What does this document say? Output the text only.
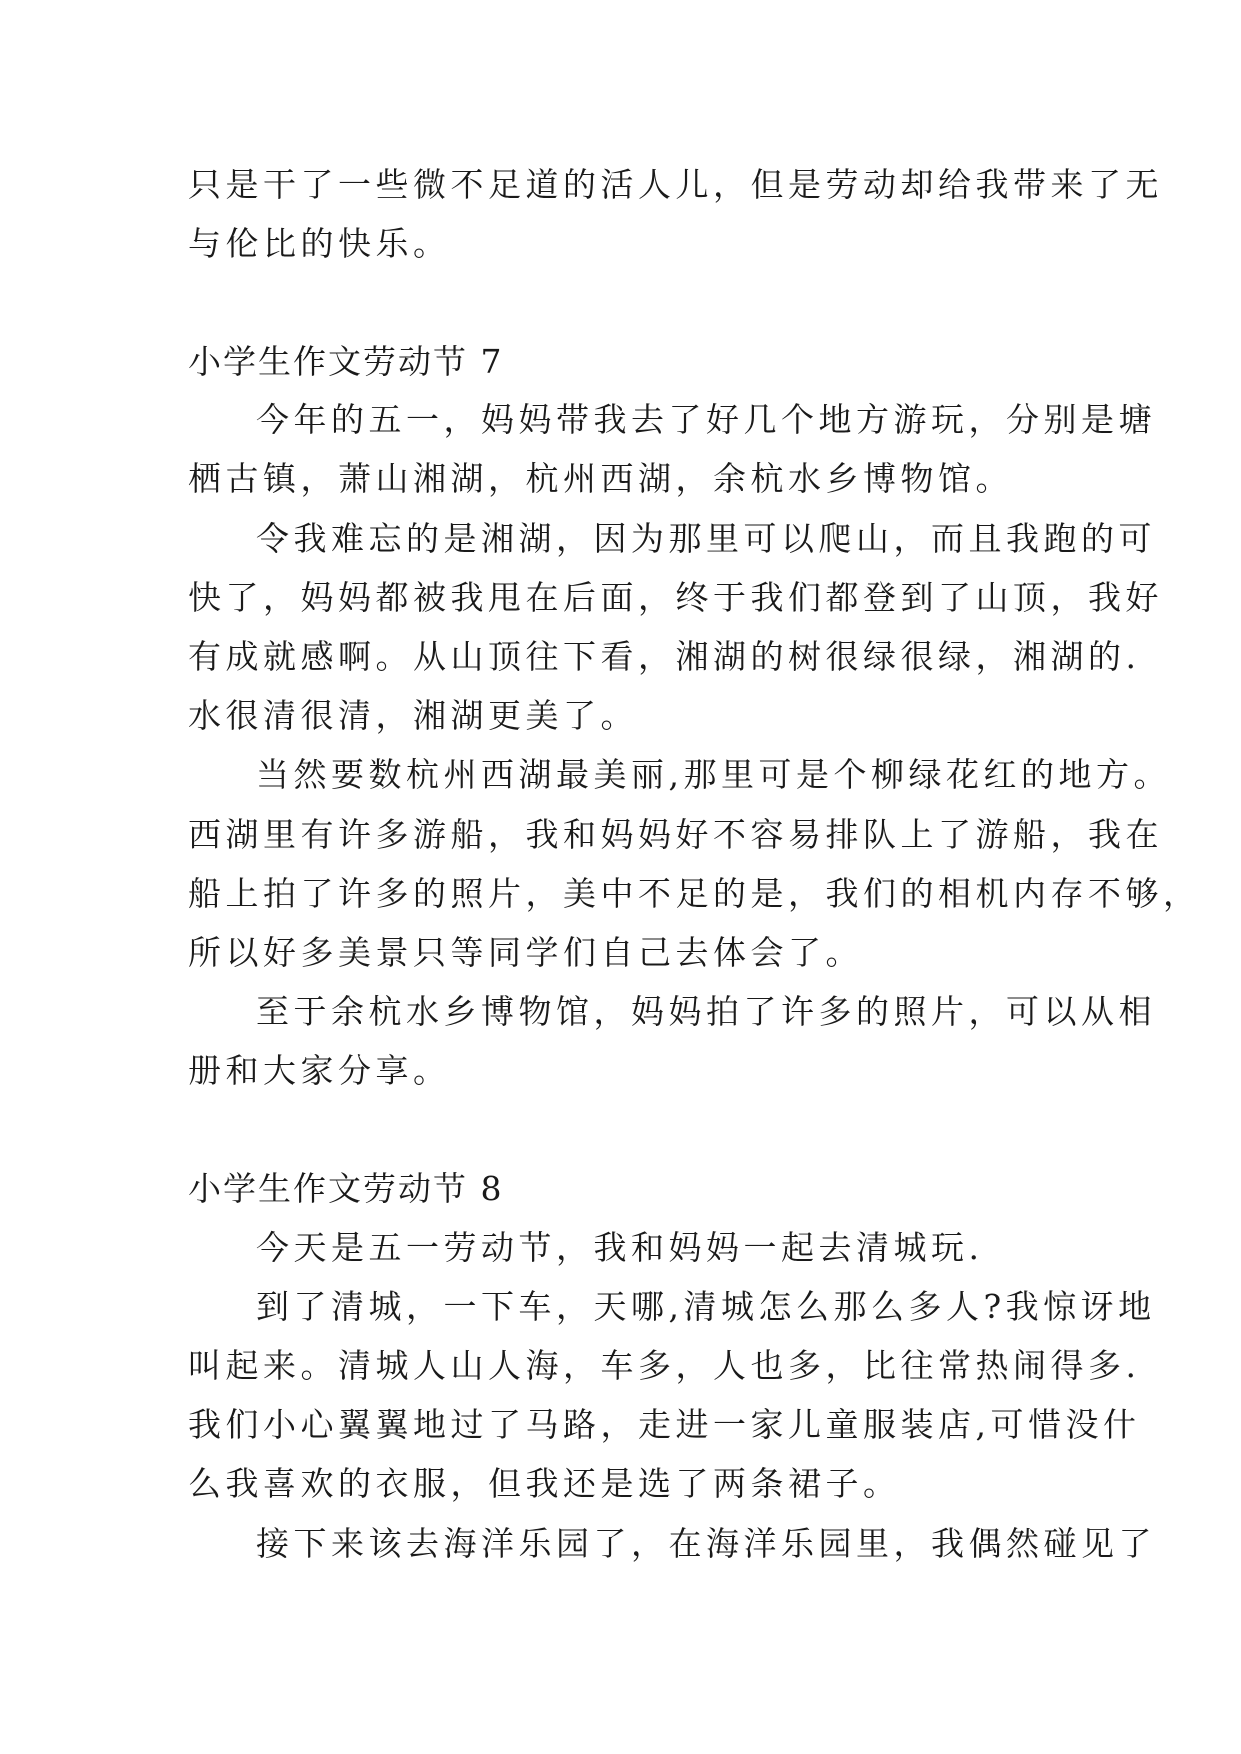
只是干了一些微不足道的活人儿，但是劳动却给我带来了无
与伦比的快乐。
小学生作文劳动节 7
今年的五一，妈妈带我去了好几个地方游玩，分别是塘
栖古镇，萧山湘湖，杭州西湖，余杭水乡博物馆。
令我难忘的是湘湖，因为那里可以爬山，而且我跑的可
快了，妈妈都被我甩在后面，终于我们都登到了山顶，我好
有成就感啊。从山顶往下看，湘湖的树很绿很绿，湘湖的.
水很清很清，湘湖更美了。
当然要数杭州西湖最美丽,那里可是个柳绿花红的地方。
西湖里有许多游船，我和妈妈好不容易排队上了游船，我在
船上拍了许多的照片，美中不足的是，我们的相机内存不够，
所以好多美景只等同学们自己去体会了。
至于余杭水乡博物馆，妈妈拍了许多的照片，可以从相
册和大家分享。
小学生作文劳动节 8
今天是五一劳动节，我和妈妈一起去清城玩.
到了清城，一下车，天哪,清城怎么那么多人?我惊讶地
叫起来。清城人山人海，车多，人也多，比往常热闹得多.
我们小心翼翼地过了马路，走进一家儿童服装店,可惜没什
么我喜欢的衣服，但我还是选了两条裙子。
接下来该去海洋乐园了，在海洋乐园里，我偶然碰见了
